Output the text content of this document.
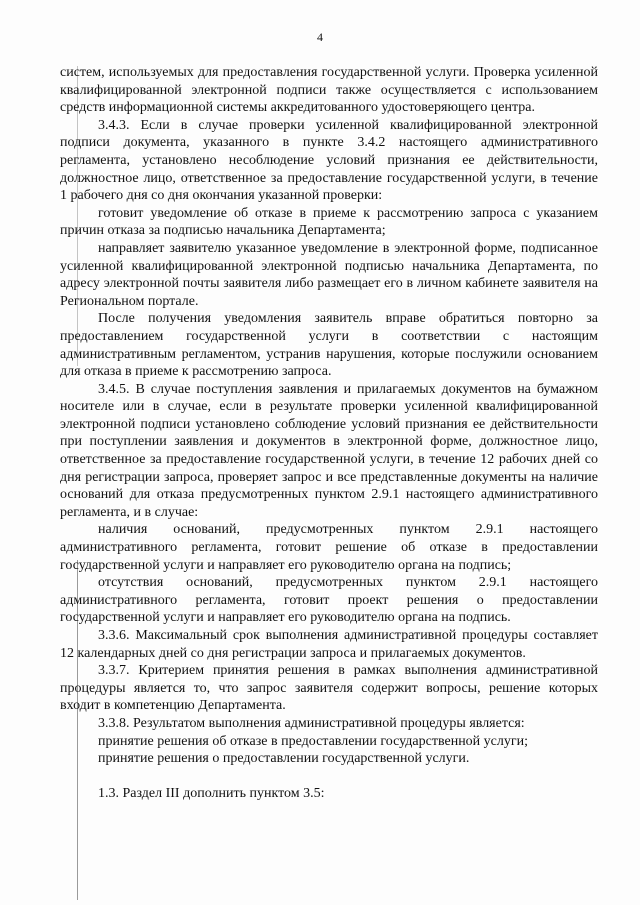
4

систем, используемых для предоставления государственной услуги. Проверка усиленной квалифицированной электронной подписи также осуществляется с использованием средств информационной системы аккредитованного удостоверяющего центра.

3.4.3. Если в случае проверки усиленной квалифицированной электронной подписи документа, указанного в пункте 3.4.2 настоящего административного регламента, установлено несоблюдение условий признания ее действительности, должностное лицо, ответственное за предоставление государственной услуги, в течение 1 рабочего дня со дня окончания указанной проверки:

готовит уведомление об отказе в приеме к рассмотрению запроса с указанием причин отказа за подписью начальника Департамента;

направляет заявителю указанное уведомление в электронной форме, подписанное усиленной квалифицированной электронной подписью начальника Департамента, по адресу электронной почты заявителя либо размещает его в личном кабинете заявителя на Региональном портале.

После получения уведомления заявитель вправе обратиться повторно за предоставлением государственной услуги в соответствии с настоящим административным регламентом, устранив нарушения, которые послужили основанием для отказа в приеме к рассмотрению запроса.

3.4.5. В случае поступления заявления и прилагаемых документов на бумажном носителе или в случае, если в результате проверки усиленной квалифицированной электронной подписи установлено соблюдение условий признания ее действительности при поступлении заявления и документов в электронной форме, должностное лицо, ответственное за предоставление государственной услуги, в течение 12 рабочих дней со дня регистрации запроса, проверяет запрос и все представленные документы на наличие оснований для отказа предусмотренных пунктом 2.9.1 настоящего административного регламента, и в случае:

наличия оснований, предусмотренных пунктом 2.9.1 настоящего административного регламента, готовит решение об отказе в предоставлении государственной услуги и направляет его руководителю органа на подпись;

отсутствия оснований, предусмотренных пунктом 2.9.1 настоящего административного регламента, готовит проект решения о предоставлении государственной услуги и направляет его руководителю органа на подпись.

3.3.6. Максимальный срок выполнения административной процедуры составляет 12 календарных дней со дня регистрации запроса и прилагаемых документов.

3.3.7. Критерием принятия решения в рамках выполнения административной процедуры является то, что запрос заявителя содержит вопросы, решение которых входит в компетенцию Департамента.

3.3.8. Результатом выполнения административной процедуры является:

принятие решения об отказе в предоставлении государственной услуги;

принятие решения о предоставлении государственной услуги.

1.3. Раздел III дополнить пунктом 3.5:
